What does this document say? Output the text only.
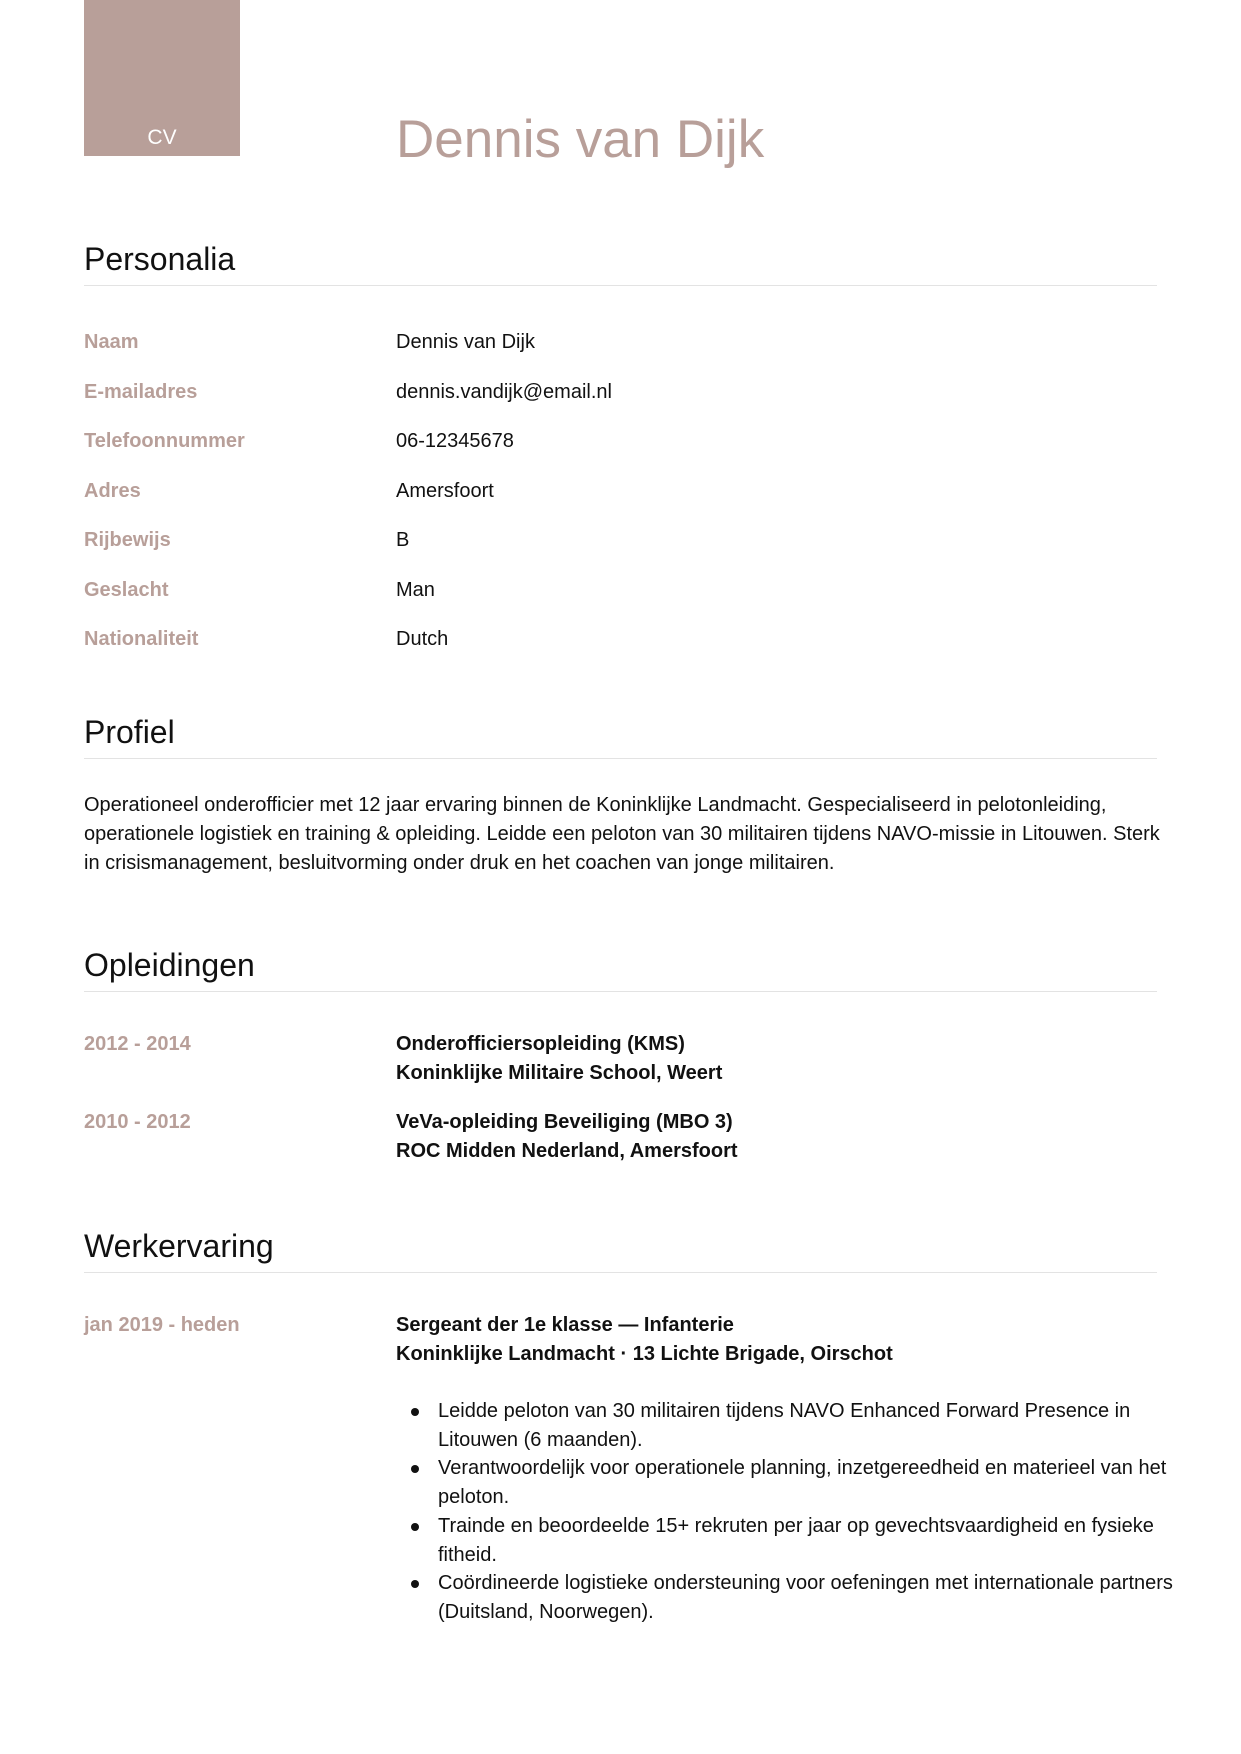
CV	Dennis van Dijk
Personalia
Naam	Dennis van Dijk
E-mailadres	dennis.vandijk@email.nl
Telefoonnummer	06-12345678
Adres	Amersfoort
Rijbewijs	B
Geslacht	Man
Nationaliteit	Dutch
Profiel

Operationeel onderofficier met 12 jaar ervaring binnen de Koninklijke Landmacht. Gespecialiseerd in pelotonleiding, operationele logistiek en training & opleiding. Leidde een peloton van 30 militairen tijdens NAVO-missie in Litouwen. Sterk in crisismanagement, besluitvorming onder druk en het coachen van jonge militairen.

Opleidingen
2012 - 2014	Onderofficiersopleiding (KMS)
Koninklijke Militaire School, Weert
2010 - 2012	VeVa-opleiding Beveiliging (MBO 3)
ROC Midden Nederland, Amersfoort
Werkervaring
jan 2019 - heden	Sergeant der 1e klasse — Infanterie
Koninklijke Landmacht · 13 Lichte Brigade, Oirschot
Leidde peloton van 30 militairen tijdens NAVO Enhanced Forward Presence in Litouwen (6 maanden).
Verantwoordelijk voor operationele planning, inzetgereedheid en materieel van het peloton.
Trainde en beoordeelde 15+ rekruten per jaar op gevechtsvaardigheid en fysieke fitheid.
Coördineerde logistieke ondersteuning voor oefeningen met internationale partners (Duitsland, Noorwegen).
